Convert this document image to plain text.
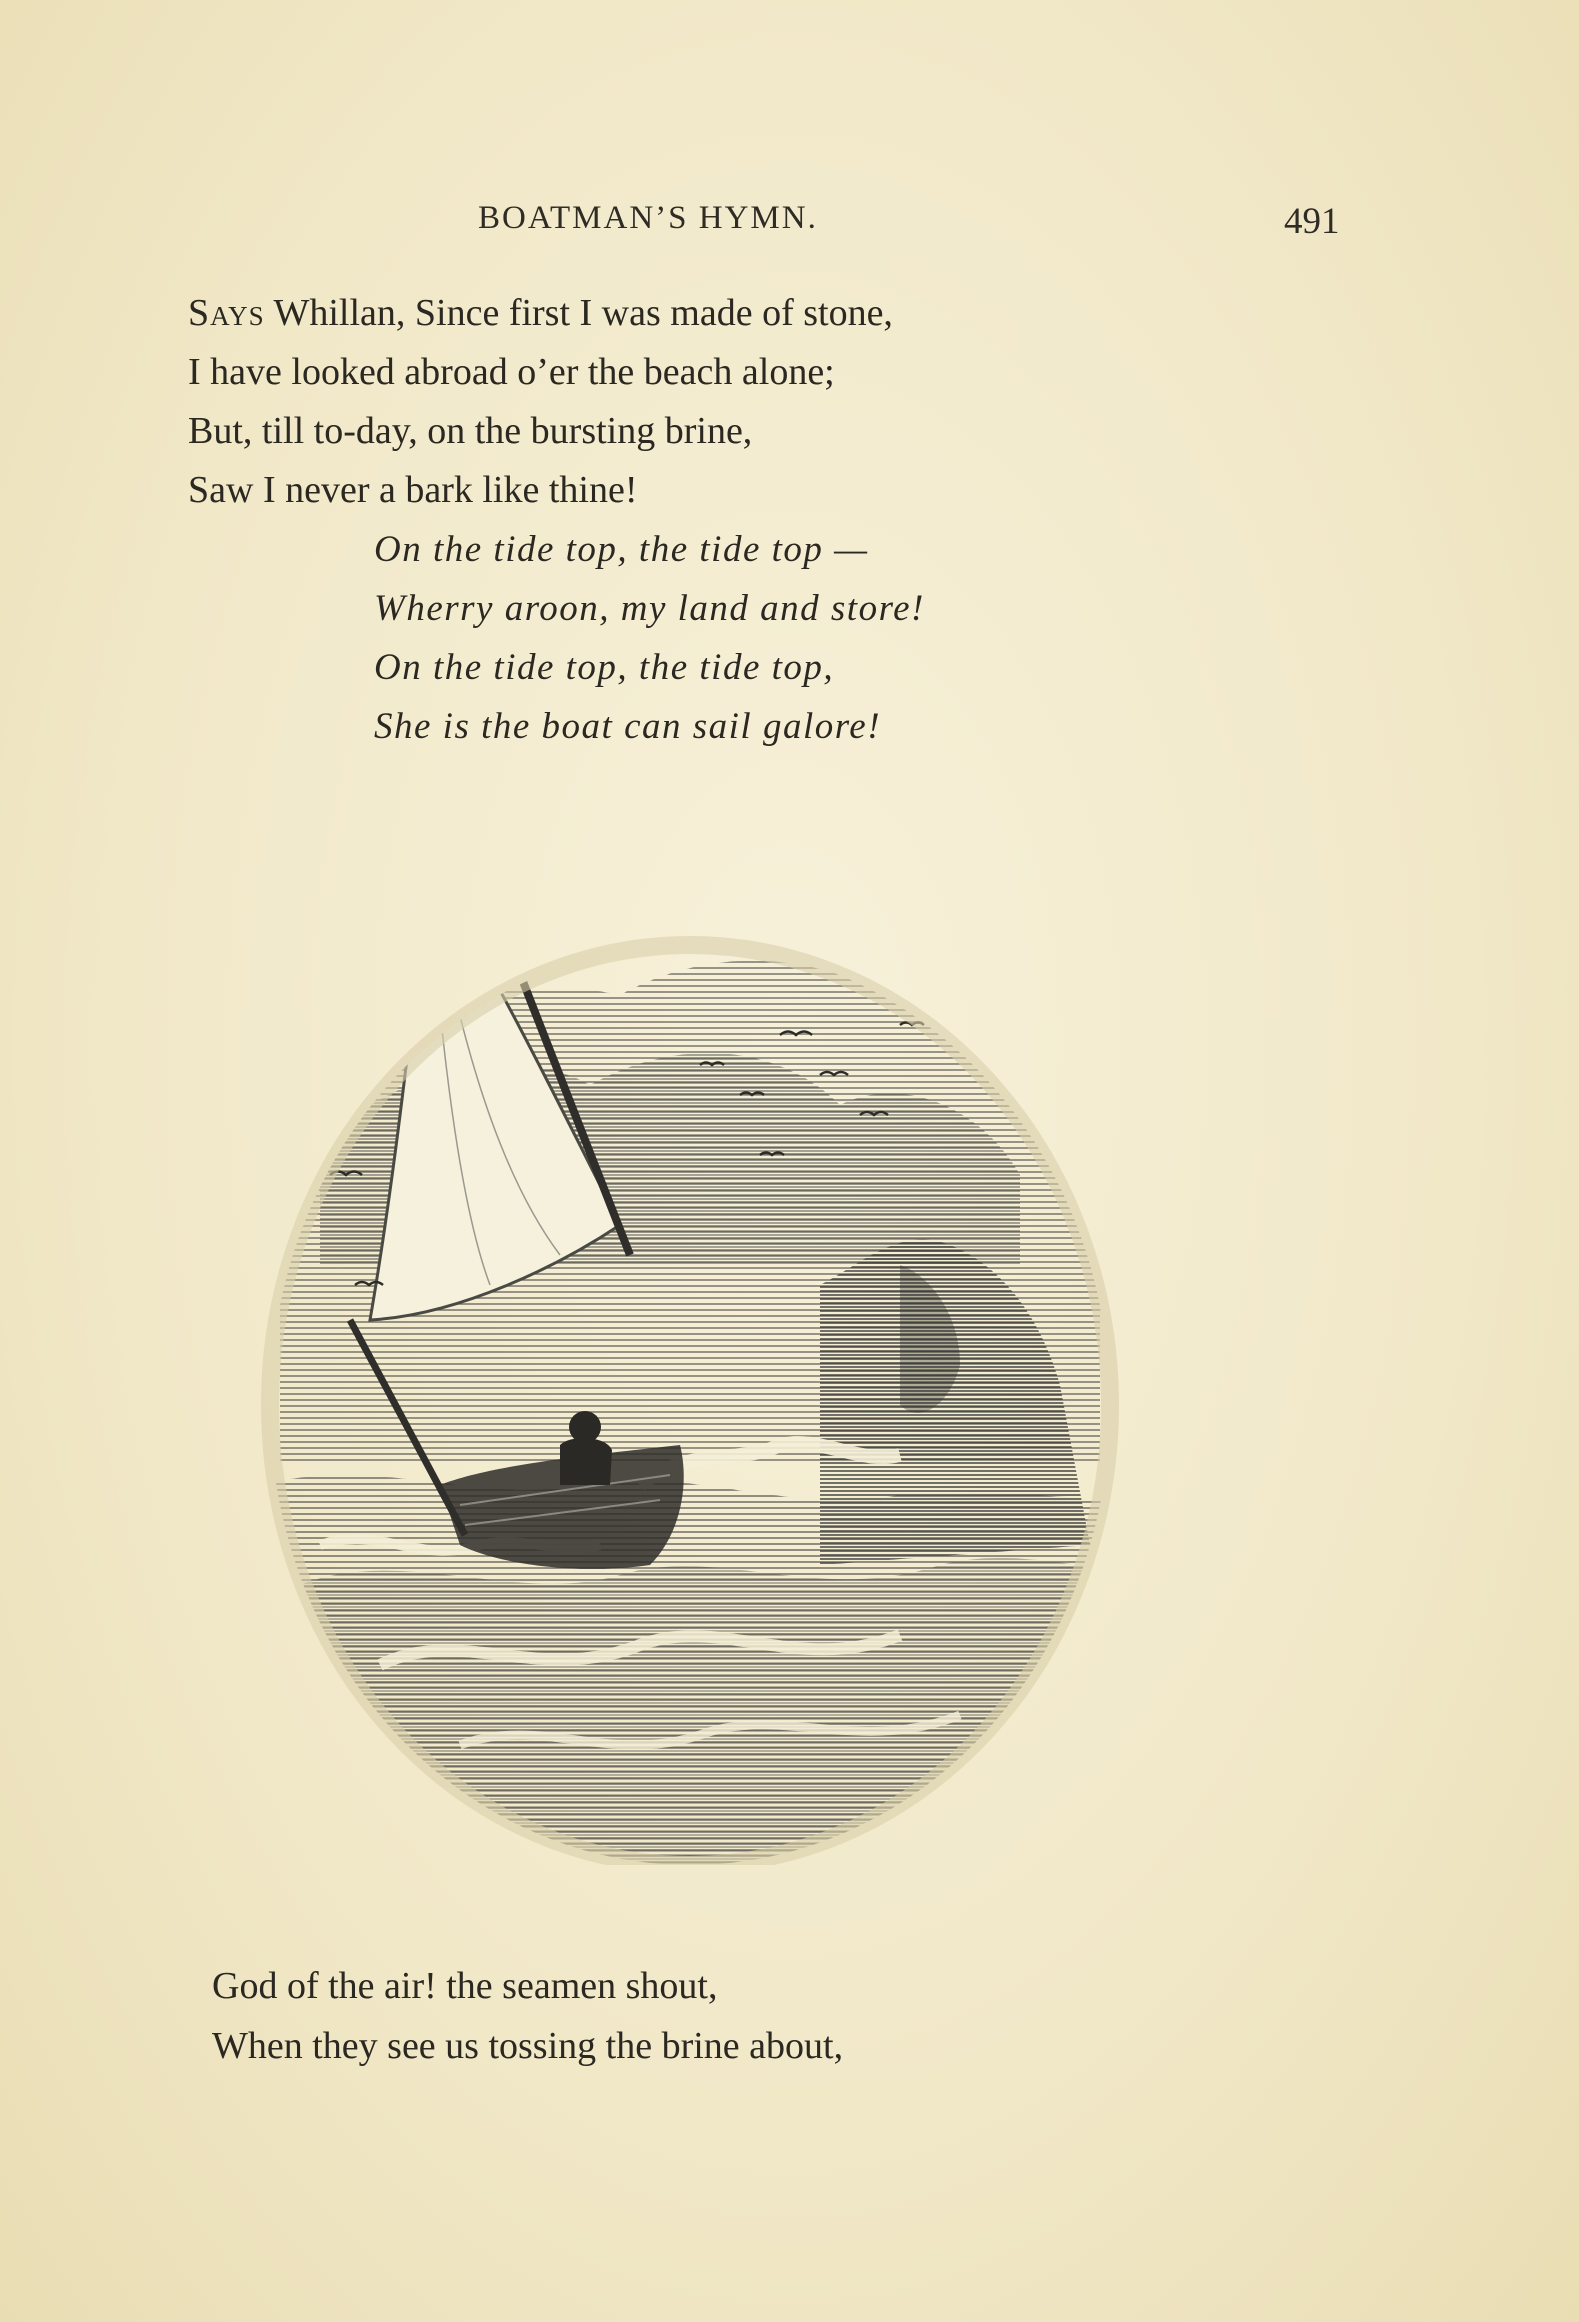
BOATMAN’S HYMN.	491
Says Whillan, Since first I was made of stone,
I have looked abroad o’er the beach alone;
But, till to-day, on the bursting brine,
Saw I never a bark like thine!
On the tide top, the tide top —
Wherry aroon, my land and store!
On the tide top, the tide top,
She is the boat can sail galore!
God of the air! the seamen shout,
When they see us tossing the brine about,
